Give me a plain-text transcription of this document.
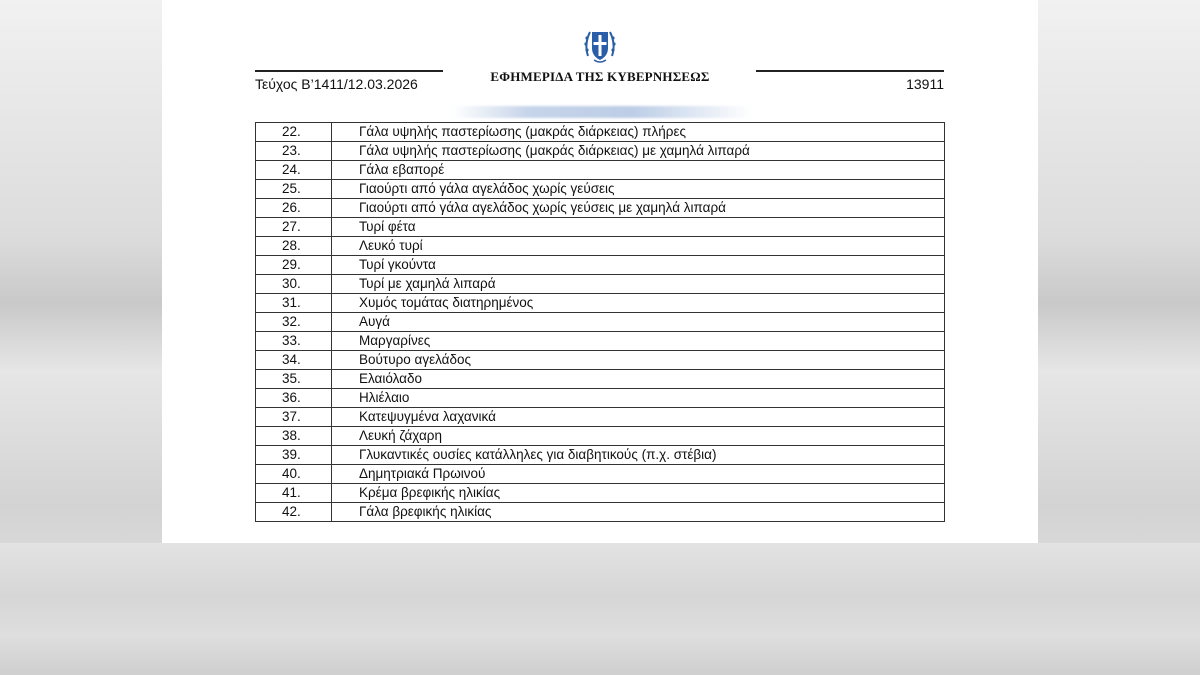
Τεύχος Β’1411/12.03.2026	ΕΦΗΜΕΡΙΔΑ ΤΗΣ ΚΥΒΕΡΝΗΣΕΩΣ	13911
22.	Γάλα υψηλής παστερίωσης (μακράς διάρκειας) πλήρες
23.	Γάλα υψηλής παστερίωσης (μακράς διάρκειας) με χαμηλά λιπαρά
24.	Γάλα εβαπορέ
25.	Γιαούρτι από γάλα αγελάδος χωρίς γεύσεις
26.	Γιαούρτι από γάλα αγελάδος χωρίς γεύσεις με χαμηλά λιπαρά
27.	Τυρί φέτα
28.	Λευκό τυρί
29.	Τυρί γκούντα
30.	Τυρί με χαμηλά λιπαρά
31.	Χυμός τομάτας διατηρημένος
32.	Αυγά
33.	Μαργαρίνες
34.	Βούτυρο αγελάδος
35.	Ελαιόλαδο
36.	Ηλιέλαιο
37.	Κατεψυγμένα λαχανικά
38.	Λευκή ζάχαρη
39.	Γλυκαντικές ουσίες κατάλληλες για διαβητικούς (π.χ. στέβια)
40.	Δημητριακά Πρωινού
41.	Κρέμα βρεφικής ηλικίας
42.	Γάλα βρεφικής ηλικίας
